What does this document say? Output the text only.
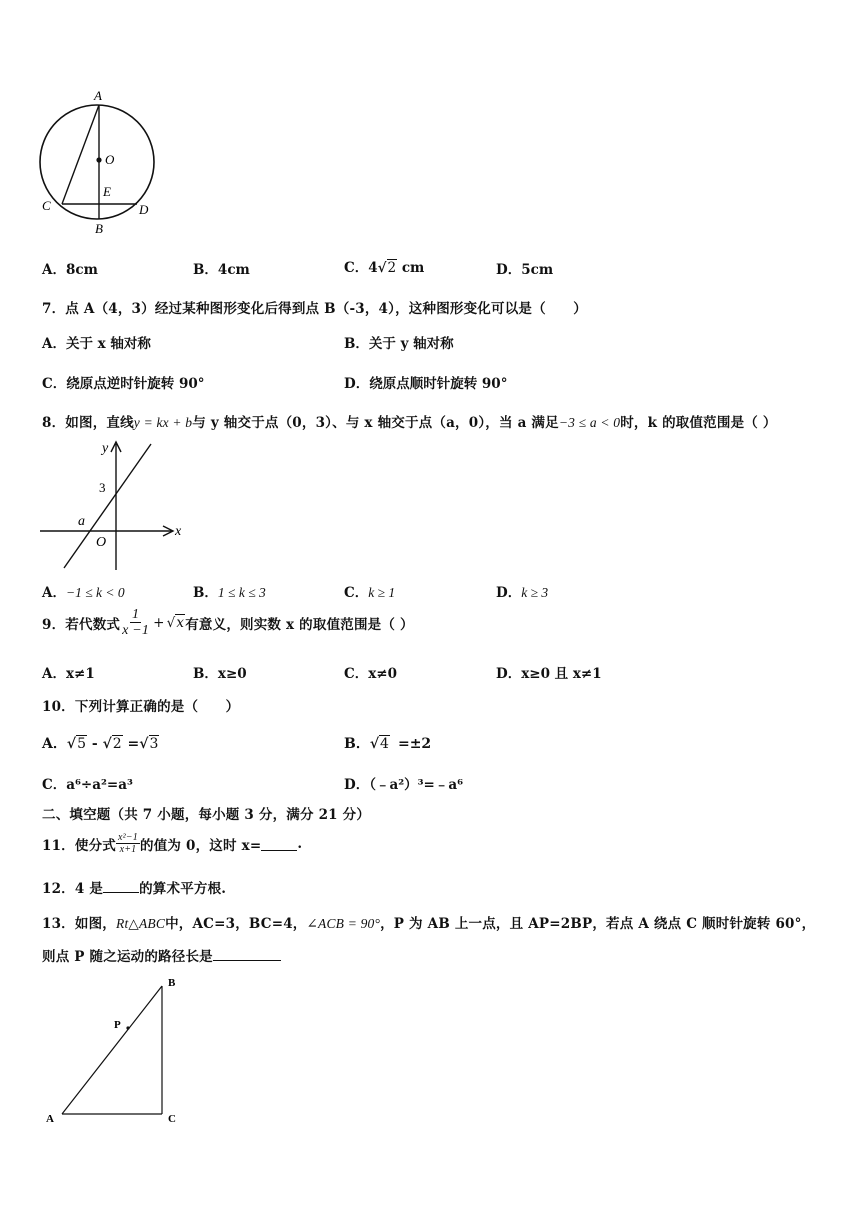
A
O
E
C	D
B
A．8cm	B．4cm	C．4√2 cm	D．5cm
7．点 A（4，3）经过某种图形变化后得到点 B（-3，4），这种图形变化可以是（　　）
A．关于 x 轴对称	B．关于 y 轴对称
C．绕原点逆时针旋转 90°	D．绕原点顺时针旋转 90°
8．如图，直线y = kx + b与 y 轴交于点（0，3）、与 x 轴交于点（a，0），当 a 满足−3 ≤ a < 0时，k 的取值范围是（ ）
y
x
3
a
O
A．−1 ≤ k < 0	B．1 ≤ k ≤ 3	C．k ≥ 1	D．k ≥ 3
9．若代数式 $\frac{1}{x -1} + √x$ 有意义，则实数 x 的取值范围是（ ）
A．x≠1	B．x≥0	C．x≠0	D．x≥0 且 x≠1
10．下列计算正确的是（　　）
A．√5 - √2 =√3	B．√4 =±2
C．a⁶÷a²=a³	D．（﹣a²）³=﹣a⁶
二、填空题（共 7 小题，每小题 3 分，满分 21 分）
11．使分式 $\frac{\text{x²−1}}{x+1}$ 的值为 0，这时 x=	.
12．4 是	的算术平方根.
13．如图，Rt△ABC中，AC=3，BC=4，∠ACB = 90°，P 为 AB 上一点，且 AP=2BP，若点 A 绕点 C 顺时针旋转 60°，
则点 P 随之运动的路径长是
B
P
A	C
